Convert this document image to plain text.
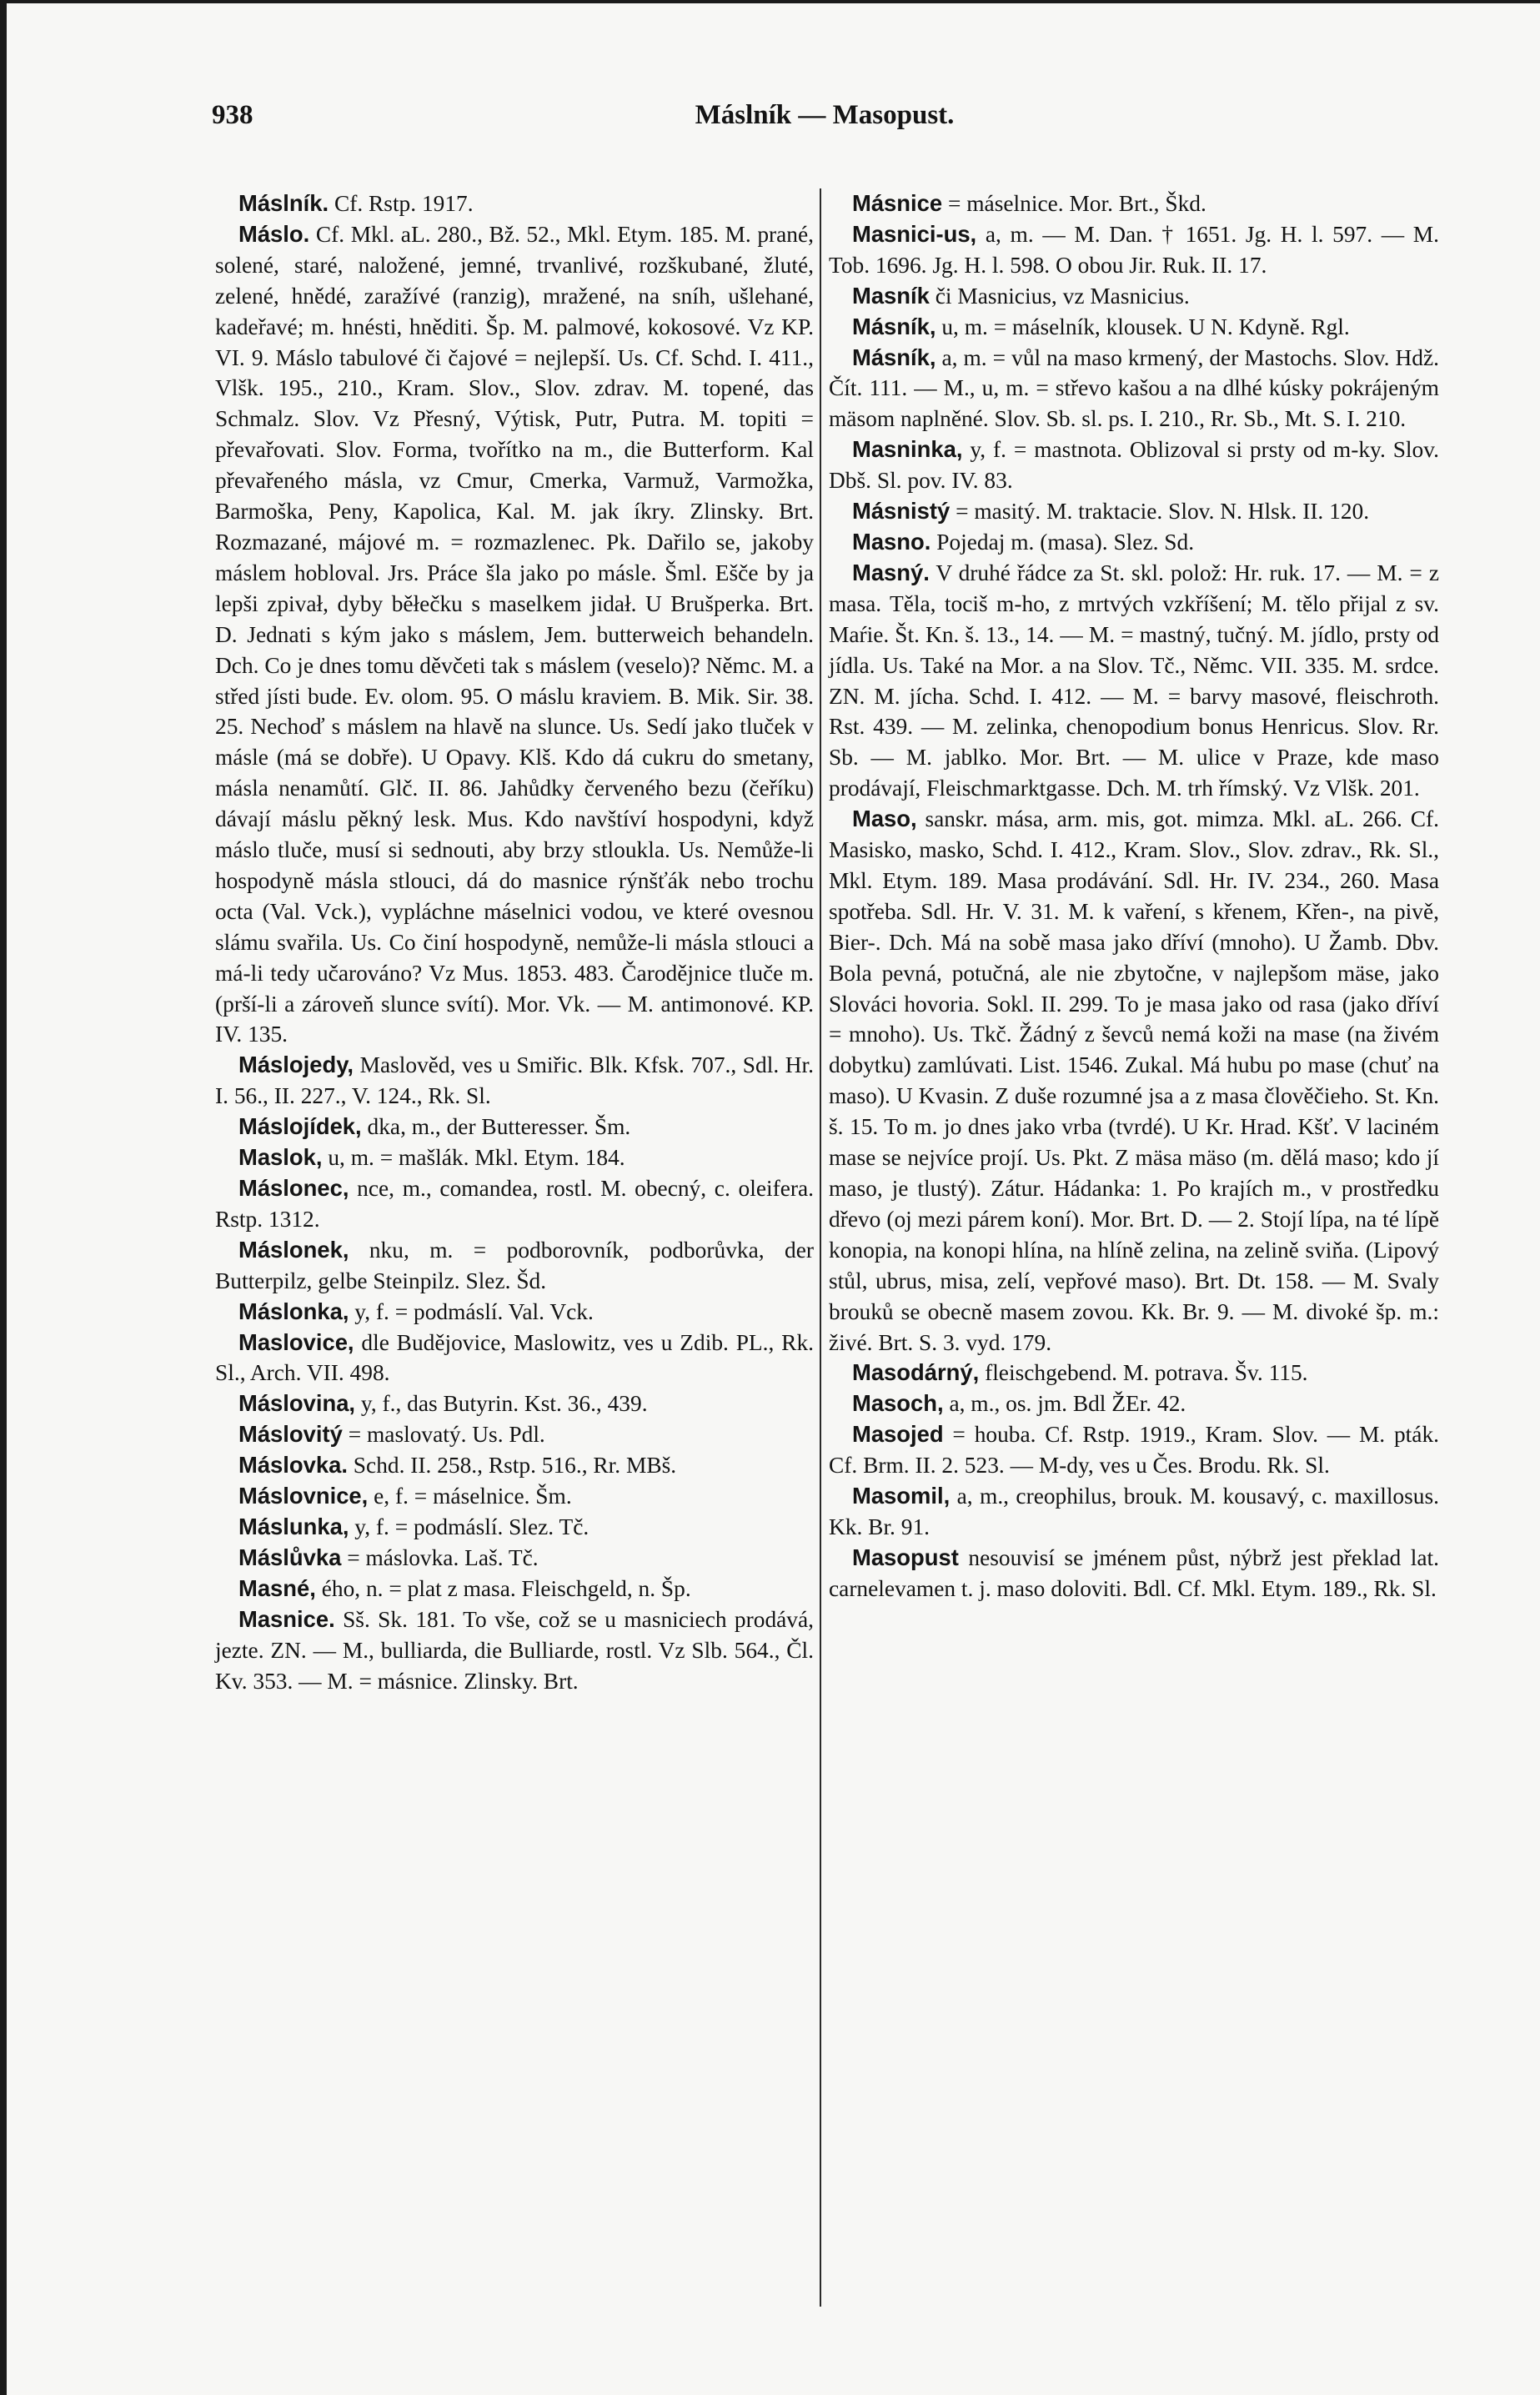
938	Máslník — Masopust.

Máslník. Cf. Rstp. 1917.

Máslo. Cf. Mkl. aL. 280., Bž. 52., Mkl. Etym. 185. M. prané, solené, staré, naložené, jemné, trvanlivé, rozškubané, žluté, zelené, hnědé, zaražívé (ranzig), mražené, na sníh, ušlehané, kadeřavé; m. hnésti, hněditi. Šp. M. palmové, kokosové. Vz KP. VI. 9. Máslo tabulové či čajové = nejlepší. Us. Cf. Schd. I. 411., Vlšk. 195., 210., Kram. Slov., Slov. zdrav. M. topené, das Schmalz. Slov. Vz Přesný, Výtisk, Putr, Putra. M. topiti = převařovati. Slov. Forma, tvořítko na m., die Butterform. Kal převařeného másla, vz Cmur, Cmerka, Varmuž, Varmožka, Barmoška, Peny, Kapolica, Kal. M. jak íkry. Zlinsky. Brt. Rozmazané, májové m. = rozmazlenec. Pk. Dařilo se, jakoby máslem hobloval. Jrs. Práce šla jako po másle. Šml. Ešče by ja lepši zpivał, dyby běłečku s maselkem jidał. U Brušperka. Brt. D. Jednati s kým jako s máslem, Jem. butterweich behandeln. Dch. Co je dnes tomu děvčeti tak s máslem (veselo)? Němc. M. a střed jísti bude. Ev. olom. 95. O máslu kraviem. B. Mik. Sir. 38. 25. Nechoď s máslem na hlavě na slunce. Us. Sedí jako tluček v másle (má se dobře). U Opavy. Klš. Kdo dá cukru do smetany, másla nenamůtí. Glč. II. 86. Jahůdky červeného bezu (čeříku) dávají máslu pěkný lesk. Mus. Kdo navštíví hospodyni, když máslo tluče, musí si sednouti, aby brzy stloukla. Us. Nemůže-li hospodyně másla stlouci, dá do masnice rýnšťák nebo trochu octa (Val. Vck.), vypláchne máselnici vodou, ve které ovesnou slámu svařila. Us. Co činí hospodyně, nemůže-li másla stlouci a má-li tedy učarováno? Vz Mus. 1853. 483. Čarodějnice tluče m. (prší-li a zároveň slunce svítí). Mor. Vk. — M. antimonové. KP. IV. 135.

Máslojedy, Maslověd, ves u Smiřic. Blk. Kfsk. 707., Sdl. Hr. I. 56., II. 227., V. 124., Rk. Sl.

Máslojídek, dka, m., der Butteresser. Šm.

Maslok, u, m. = mašlák. Mkl. Etym. 184.

Máslonec, nce, m., comandea, rostl. M. obecný, c. oleifera. Rstp. 1312.

Máslonek, nku, m. = podborovník, podborůvka, der Butterpilz, gelbe Steinpilz. Slez. Šd.

Máslonka, y, f. = podmáslí. Val. Vck.

Maslovice, dle Budějovice, Maslowitz, ves u Zdib. PL., Rk. Sl., Arch. VII. 498.

Máslovina, y, f., das Butyrin. Kst. 36., 439.

Máslovitý = maslovatý. Us. Pdl.

Máslovka. Schd. II. 258., Rstp. 516., Rr. MBš.

Máslovnice, e, f. = máselnice. Šm.

Máslunka, y, f. = podmáslí. Slez. Tč.

Máslůvka = máslovka. Laš. Tč.

Masné, ého, n. = plat z masa. Fleischgeld, n. Šp.

Masnice. Sš. Sk. 181. To vše, což se u masniciech prodává, jezte. ZN. — M., bulliarda, die Bulliarde, rostl. Vz Slb. 564., Čl. Kv. 353. — M. = másnice. Zlinsky. Brt.

Másnice = máselnice. Mor. Brt., Škd.

Masnici-us, a, m. — M. Dan. † 1651. Jg. H. l. 597. — M. Tob. 1696. Jg. H. l. 598. O obou Jir. Ruk. II. 17.

Masník či Masnicius, vz Masnicius.

Másník, u, m. = máselník, klousek. U N. Kdyně. Rgl.

Másník, a, m. = vůl na maso krmený, der Mastochs. Slov. Hdž. Čít. 111. — M., u, m. = střevo kašou a na dlhé kúsky pokrájeným mäsom naplněné. Slov. Sb. sl. ps. I. 210., Rr. Sb., Mt. S. I. 210.

Masninka, y, f. = mastnota. Oblizoval si prsty od m-ky. Slov. Dbš. Sl. pov. IV. 83.

Másnistý = masitý. M. traktacie. Slov. N. Hlsk. II. 120.

Masno. Pojedaj m. (masa). Slez. Sd.

Masný. V druhé řádce za St. skl. polož: Hr. ruk. 17. — M. = z masa. Těla, tociš m-ho, z mrtvých vzkříšení; M. tělo přijal z sv. Maŕie. Št. Kn. š. 13., 14. — M. = mastný, tučný. M. jídlo, prsty od jídla. Us. Také na Mor. a na Slov. Tč., Němc. VII. 335. M. srdce. ZN. M. jícha. Schd. I. 412. — M. = barvy masové, fleischroth. Rst. 439. — M. zelinka, chenopodium bonus Henricus. Slov. Rr. Sb. — M. jablko. Mor. Brt. — M. ulice v Praze, kde maso prodávají, Fleischmarktgasse. Dch. M. trh římský. Vz Vlšk. 201.

Maso, sanskr. mása, arm. mis, got. mimza. Mkl. aL. 266. Cf. Masisko, masko, Schd. I. 412., Kram. Slov., Slov. zdrav., Rk. Sl., Mkl. Etym. 189. Masa prodávání. Sdl. Hr. IV. 234., 260. Masa spotřeba. Sdl. Hr. V. 31. M. k vaření, s křenem, Křen-, na pivě, Bier-. Dch. Má na sobě masa jako dříví (mnoho). U Žamb. Dbv. Bola pevná, potučná, ale nie zbytočne, v najlepšom mäse, jako Slováci hovoria. Sokl. II. 299. To je masa jako od rasa (jako dříví = mnoho). Us. Tkč. Žádný z ševců nemá koži na mase (na živém dobytku) zamlúvati. List. 1546. Zukal. Má hubu po mase (chuť na maso). U Kvasin. Z duše rozumné jsa a z masa člověčieho. St. Kn. š. 15. To m. jo dnes jako vrba (tvrdé). U Kr. Hrad. Kšť. V laciném mase se nejvíce projí. Us. Pkt. Z mäsa mäso (m. dělá maso; kdo jí maso, je tlustý). Zátur. Hádanka: 1. Po krajích m., v prostředku dřevo (oj mezi párem koní). Mor. Brt. D. — 2. Stojí lípa, na té lípě konopia, na konopi hlína, na hlíně zelina, na zelině sviňa. (Lipový stůl, ubrus, misa, zelí, vepřové maso). Brt. Dt. 158. — M. Svaly brouků se obecně masem zovou. Kk. Br. 9. — M. divoké šp. m.: živé. Brt. S. 3. vyd. 179.

Masodárný, fleischgebend. M. potrava. Šv. 115.

Masoch, a, m., os. jm. Bdl ŽEr. 42.

Masojed = houba. Cf. Rstp. 1919., Kram. Slov. — M. pták. Cf. Brm. II. 2. 523. — M-dy, ves u Čes. Brodu. Rk. Sl.

Masomil, a, m., creophilus, brouk. M. kousavý, c. maxillosus. Kk. Br. 91.

Masopust nesouvisí se jménem půst, nýbrž jest překlad lat. carnelevamen t. j. maso doloviti. Bdl. Cf. Mkl. Etym. 189., Rk. Sl.
